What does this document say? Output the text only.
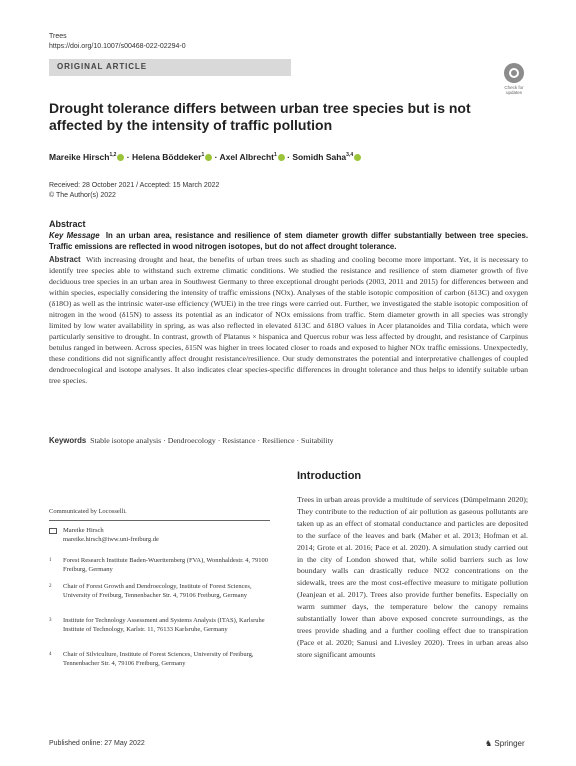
Trees
https://doi.org/10.1007/s00468-022-02294-0
ORIGINAL ARTICLE
Check for
updates
Drought tolerance differs between urban tree species but is not affected by the intensity of traffic pollution
Mareike Hirsch$^{1,2}$ · Helena Böddeker$^1$ · Axel Albrecht$^1$ · Somidh Saha$^{3,4}$
Received: 28 October 2021 / Accepted: 15 March 2022
© The Author(s) 2022
Abstract
Key Message In an urban area, resistance and resilience of stem diameter growth differ substantially between tree species. Traffic emissions are reflected in wood nitrogen isotopes, but do not affect drought tolerance.
Abstract With increasing drought and heat, the benefits of urban trees such as shading and cooling become more important. Yet, it is necessary to identify tree species able to withstand such extreme climatic conditions. We studied the resistance and resilience of stem diameter growth of five deciduous tree species in an urban area in Southwest Germany to three exceptional drought periods (2003, 2011 and 2015) for differences between and within species, especially considering the intensity of traffic emissions (NOx). Analyses of the stable isotopic composition of carbon (δ13C) and oxygen (δ18O) as well as the intrinsic water-use efficiency (WUEi) in the tree rings were carried out. Further, we investigated the stable isotopic composition of nitrogen in the wood (δ15N) to assess its potential as an indicator of NOx emissions from traffic. Stem diameter growth in all species was strongly limited by low water availability in spring, as was also reflected in elevated δ13C and δ18O values in Acer platanoides and Tilia cordata, which were particularly sensitive to drought. In contrast, growth of Platanus × hispanica and Quercus robur was less affected by drought, and resistance of Carpinus betulus ranged in between. Across species, δ15N was higher in trees located closer to roads and exposed to higher NOx traffic emissions. Unexpectedly, these conditions did not significantly affect drought resistance/resilience. Our study demonstrates the potential and interpretative challenges of coupled dendroecological and isotope analyses. It also indicates clear species-specific differences in drought tolerance and thus helps to identify suitable urban tree species.
Keywords Stable isotope analysis · Dendroecology · Resistance · Resilience · Suitability
Communicated by Locosselli.
Mareike Hirsch
mareike.hirsch@iww.uni-freiburg.de
1 Forest Research Institute Baden-Wuerttemberg (FVA), Wonnhaldestr. 4, 79100 Freiburg, Germany
2 Chair of Forest Growth and Dendroecology, Institute of Forest Sciences, University of Freiburg, Tennenbacher Str. 4, 79106 Freiburg, Germany
3 Institute for Technology Assessment and Systems Analysis (ITAS), Karlsruhe Institute of Technology, Karlstr. 11, 76133 Karlsruhe, Germany
4 Chair of Silviculture, Institute of Forest Sciences, University of Freiburg, Tennenbacher Str. 4, 79106 Freiburg, Germany
Introduction
Trees in urban areas provide a multitude of services (Dümpelmann 2020); They contribute to the reduction of air pollution as gaseous pollutants are taken up as an effect of stomatal conductance and particles are deposited to the surface of the leaves and bark (Maher et al. 2013; Hofman et al. 2014; Grote et al. 2016; Pace et al. 2020). A simulation study carried out in the city of London showed that, while solid barriers such as low boundary walls can drastically reduce NO2 concentrations on the sidewalk, trees are the most cost-effective measure to mitigate pollution (Jeanjean et al. 2017). Trees also provide further benefits. Especially on warm summer days, the temperature below the canopy remains substantially lower than above exposed concrete surroundings, as the trees provide shading and a further cooling effect due to transpiration (Pace et al. 2020; Sanusi and Livesley 2020). Trees in urban areas also store significant amounts
Published online: 27 May 2022	♞ Springer
